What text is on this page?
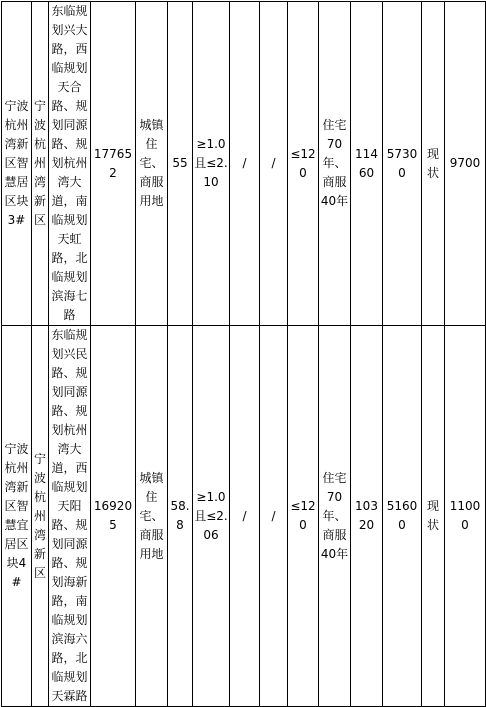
宁波杭州湾新区智慧居区块3#	宁波杭州湾新区	东临规划兴大路，西临规划天合路、规划同源路、规划杭州湾大道，南临规划天虹路，北临规划滨海七路	177652	城镇住宅、商服用地	55	≥1.0且≤2.10	/	/	≤120	住宅70年、商服40年	11460	57300	现状	9700
宁波杭州湾新区智慧宜居区块4#	宁波杭州湾新区	东临规划兴民路、规划同源路、规划杭州湾大道，西临规划天阳路、规划同源路、规划海新路，南临规划滨海六路，北临规划天霖路	169205	城镇住宅、商服用地	58.8	≥1.0且≤2.06	/	/	≤120	住宅70年、商服40年	10320	51600	现状	11000
